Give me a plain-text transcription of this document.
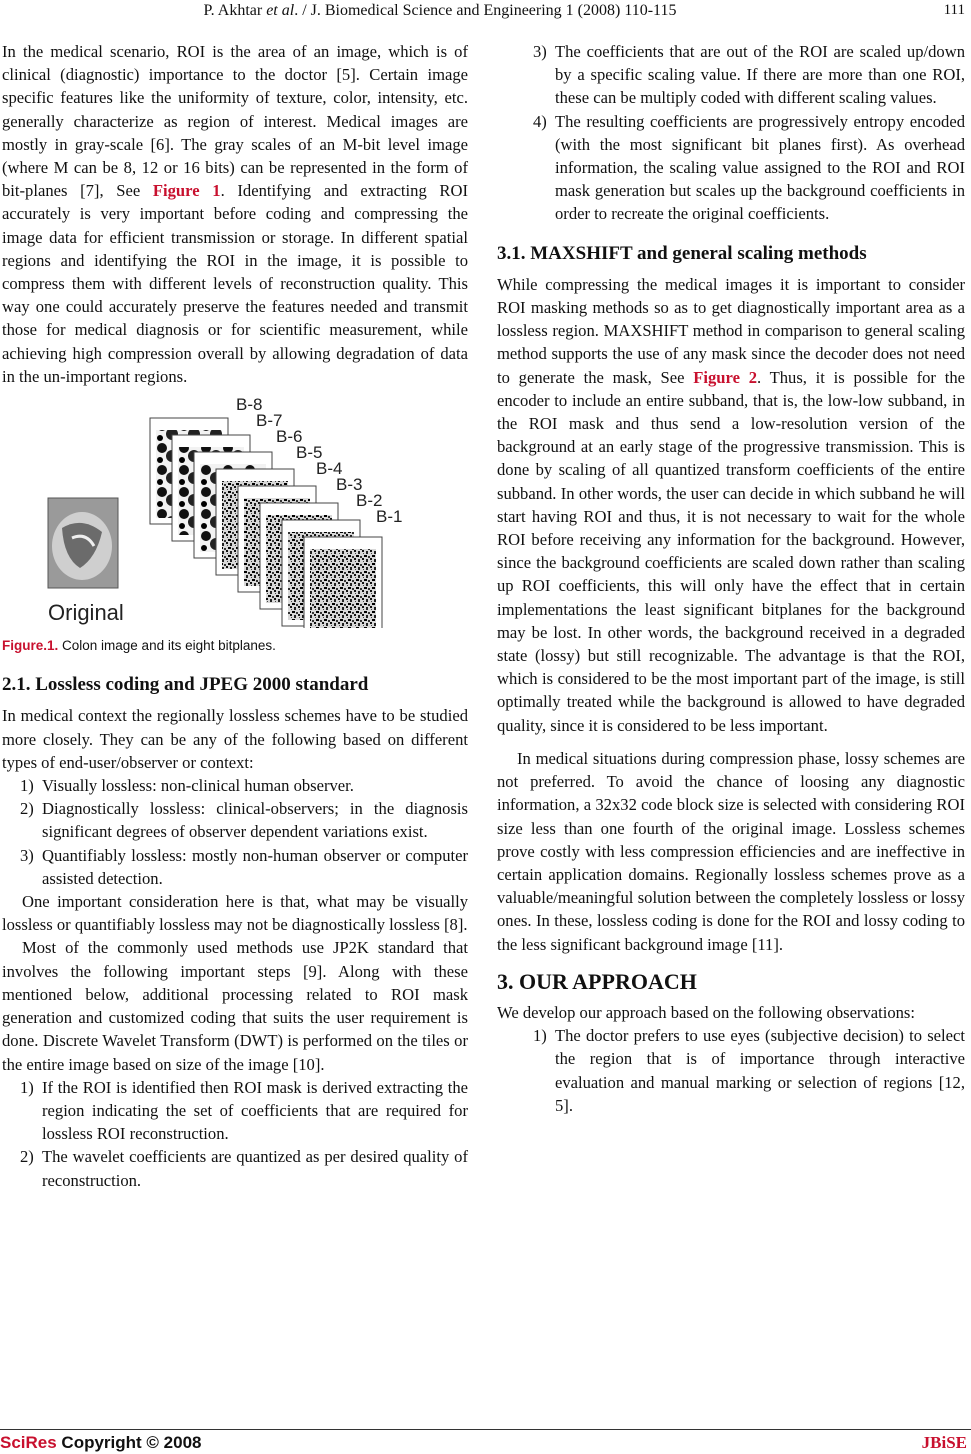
P. Akhtar et al. / J. Biomedical Science and Engineering 1 (2008) 110-115	111

In the medical scenario, ROI is the area of an image, which is of clinical (diagnostic) importance to the doctor [5]. Certain image specific features like the uniformity of texture, color, intensity, etc. generally characterize as region of interest. Medical images are mostly in gray-scale [6]. The gray scales of an M-bit level image (where M can be 8, 12 or 16 bits) can be represented in the form of bit-planes [7], See Figure 1. Identifying and extracting ROI accurately is very important before coding and compressing the image data for efficient transmission or storage. In different spatial regions and identifying the ROI in the image, it is possible to compress them with different levels of reconstruction quality. This way one could accurately preserve the features needed and transmit those for medical diagnosis or for scientific measurement, while achieving high compression overall by allowing degradation of data in the un-important regions.

Original
B-8
B-7
B-6
B-5
B-4
B-3
B-2
B-1
Figure.1. Colon image and its eight bitplanes.
2.1. Lossless coding and JPEG 2000 standard

In medical context the regionally lossless schemes have to be studied more closely. They can be any of the following based on different types of end-user/observer or context:

1) Visually lossless: non-clinical human observer.
2) Diagnostically lossless: clinical-observers; in the diagnosis significant degrees of observer dependent variations exist.
3) Quantifiably lossless: mostly non-human observer or computer assisted detection.

One important consideration here is that, what may be visually lossless or quantifiably lossless may not be diagnostically lossless [8].

Most of the commonly used methods use JP2K standard that involves the following important steps [9]. Along with these mentioned below, additional processing related to ROI mask generation and customized coding that suits the user requirement is done. Discrete Wavelet Transform (DWT) is performed on the tiles or the entire image based on size of the image [10].

1) If the ROI is identified then ROI mask is derived extracting the region indicating the set of coefficients that are required for lossless ROI reconstruction.
2) The wavelet coefficients are quantized as per desired quality of reconstruction.
3) The coefficients that are out of the ROI are scaled up/down by a specific scaling value. If there are more than one ROI, these can be multiply coded with different scaling values.
4) The resulting coefficients are progressively entropy encoded (with the most significant bit planes first). As overhead information, the scaling value assigned to the ROI and ROI mask generation but scales up the background coefficients in order to recreate the original coefficients.
3.1. MAXSHIFT and general scaling methods

While compressing the medical images it is important to consider ROI masking methods so as to get diagnostically important area as a lossless region. MAXSHIFT method in comparison to general scaling method supports the use of any mask since the decoder does not need to generate the mask, See Figure 2. Thus, it is possible for the encoder to include an entire subband, that is, the low-low subband, in the ROI mask and thus send a low-resolution version of the background at an early stage of the progressive transmission. This is done by scaling of all quantized transform coefficients of the entire subband. In other words, the user can decide in which subband he will start having ROI and thus, it is not necessary to wait for the whole ROI before receiving any information for the background. However, since the background coefficients are scaled down rather than scaling up ROI coefficients, this will only have the effect that in certain implementations the least significant bitplanes for the background may be lost. In other words, the background received in a degraded state (lossy) but still recognizable. The advantage is that the ROI, which is considered to be the most important part of the image, is still optimally treated while the background is allowed to have degraded quality, since it is considered to be less important.

In medical situations during compression phase, lossy schemes are not preferred. To avoid the chance of loosing any diagnostic information, a 32x32 code block size is selected with considering ROI size less than one fourth of the original image. Lossless schemes prove costly with less compression efficiencies and are ineffective in certain application domains. Regionally lossless schemes prove as a valuable/meaningful solution between the completely lossless or lossy ones. In these, lossless coding is done for the ROI and lossy coding to the less significant background image [11].

3. OUR APPROACH

We develop our approach based on the following observations:

1) The doctor prefers to use eyes (subjective decision) to select the region that is of importance through interactive evaluation and manual marking or selection of regions [12, 5].
SciRes Copyright © 2008	JBiSE
